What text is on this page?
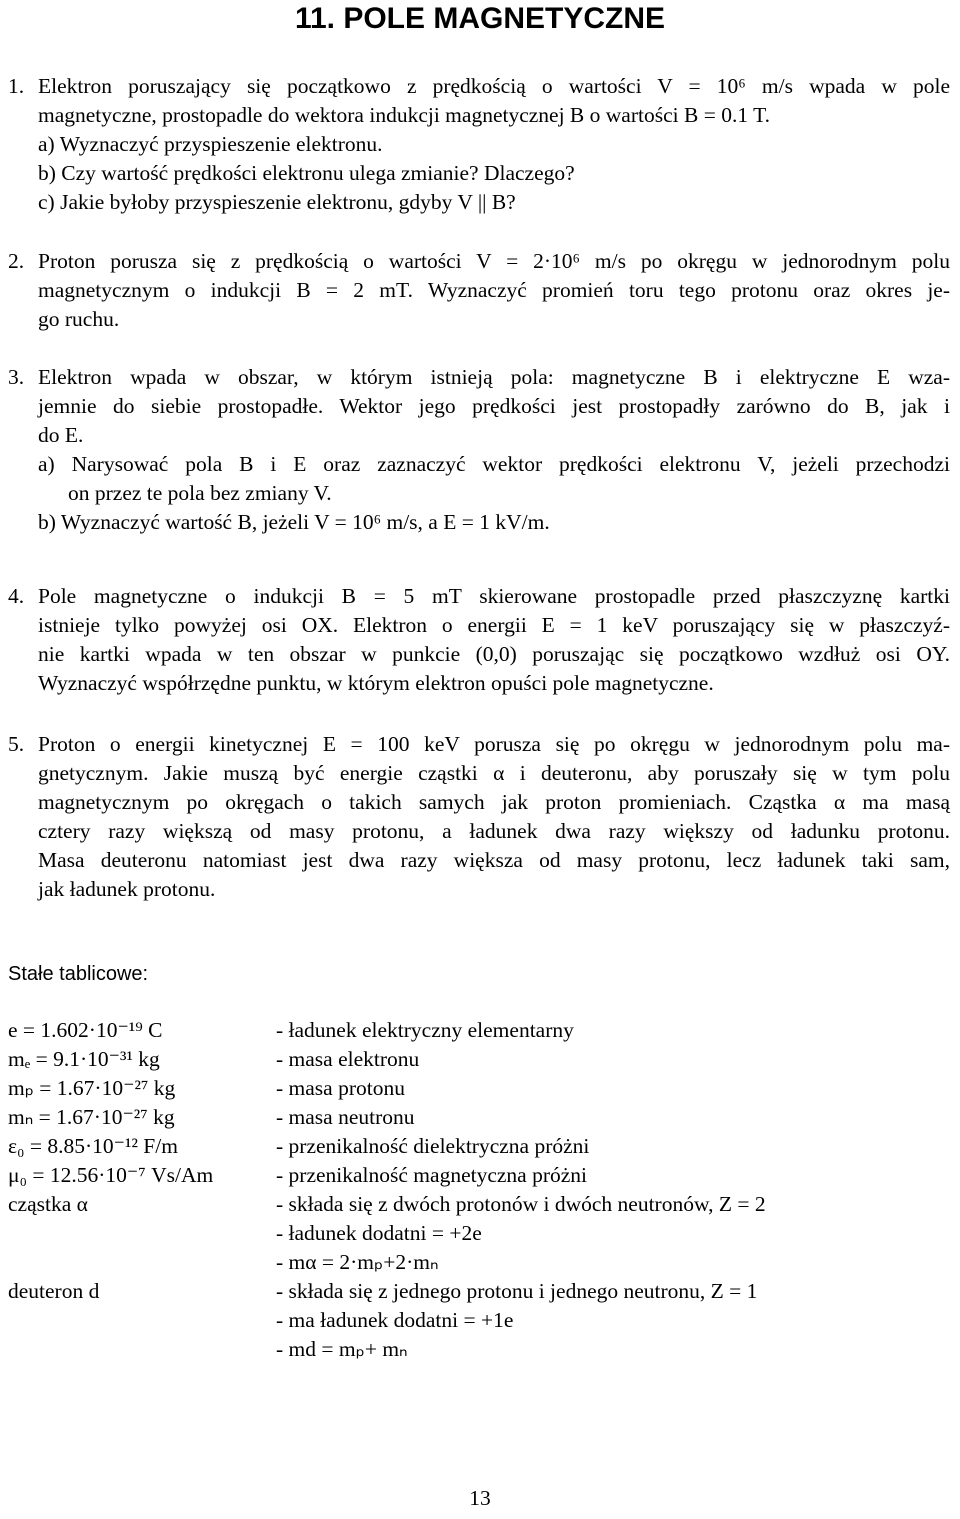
11. POLE MAGNETYCZNE
1. Elektron poruszający się początkowo z prędkością o wartości V = 10⁶ m/s wpada w pole
magnetyczne, prostopadle do wektora indukcji magnetycznej B o wartości B = 0.1 T.
a) Wyznaczyć przyspieszenie elektronu.
b) Czy wartość prędkości elektronu ulega zmianie? Dlaczego?
c) Jakie byłoby przyspieszenie elektronu, gdyby V || B?
2. Proton porusza się z prędkością o wartości V = 2·10⁶ m/s po okręgu w jednorodnym polu
magnetycznym o indukcji B = 2 mT. Wyznaczyć promień toru tego protonu oraz okres je-
go ruchu.
3. Elektron wpada w obszar, w którym istnieją pola: magnetyczne B i elektryczne E wza-
jemnie do siebie prostopadłe. Wektor jego prędkości jest prostopadły zarówno do B, jak i
do E.
a) Narysować pola B i E oraz zaznaczyć wektor prędkości elektronu V, jeżeli przechodzi
on przez te pola bez zmiany V.
b) Wyznaczyć wartość B, jeżeli V = 10⁶ m/s, a E = 1 kV/m.
4. Pole magnetyczne o indukcji B = 5 mT skierowane prostopadle przed płaszczyznę kartki
istnieje tylko powyżej osi OX. Elektron o energii E = 1 keV poruszający się w płaszczyź-
nie kartki wpada w ten obszar w punkcie (0,0) poruszając się początkowo wzdłuż osi OY.
Wyznaczyć współrzędne punktu, w którym elektron opuści pole magnetyczne.
5. Proton o energii kinetycznej E = 100 keV porusza się po okręgu w jednorodnym polu ma-
gnetycznym. Jakie muszą być energie cząstki α i deuteronu, aby poruszały się w tym polu
magnetycznym po okręgach o takich samych jak proton promieniach. Cząstka α ma masą
cztery razy większą od masy protonu, a ładunek dwa razy większy od ładunku protonu.
Masa deuteronu natomiast jest dwa razy większa od masy protonu, lecz ładunek taki sam,
jak ładunek protonu.
Stałe tablicowe:
e = 1.602·10⁻¹⁹ C	- ładunek elektryczny elementarny
mₑ = 9.1·10⁻³¹ kg	- masa elektronu
mₚ = 1.67·10⁻²⁷ kg	- masa protonu
mₙ = 1.67·10⁻²⁷ kg	- masa neutronu
ε₀ = 8.85·10⁻¹² F/m	- przenikalność dielektryczna próżni
μ₀ = 12.56·10⁻⁷ Vs/Am	- przenikalność magnetyczna próżni
cząstka α	- składa się z dwóch protonów i dwóch neutronów, Z = 2
- ładunek dodatni = +2e
- mα = 2·mₚ+2·mₙ
deuteron d	- składa się z jednego protonu i jednego neutronu, Z = 1
- ma ładunek dodatni = +1e
- md = mₚ+ mₙ
13
